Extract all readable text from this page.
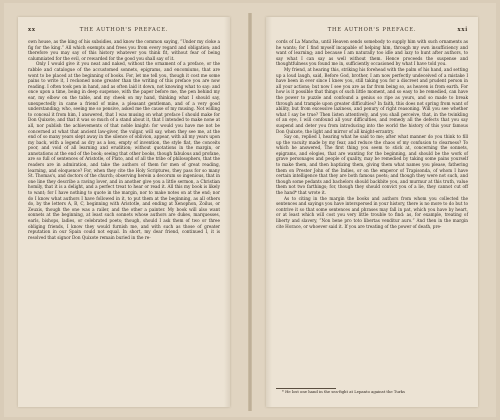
xx	THE AUTHOR'S PREFACE.

own house, as the king of his subsidies, and know the common saying, “Under my cloke a fig for the king.” All which exempts and frees you from every regard and obligation; and therefore you may say of this history whatever you think fit, without fear of being calumniated for the evil, or rewarded for the good you shall say of it.

Only I would give it you neat and naked, without the ornament of a preface, or the rabble and catalogue of the accustomed sonnets, epigrams, and encomiums, that are wont to be placed at the beginning of books. For, let me tell you, though it cost me some pains to write it, I reckoned none greater than the writing of this preface you are now reading. I often took pen in hand, and as often laid it down, not knowing what to say: and once upon a time, being in deep suspense, with the paper before me, the pen behind my ear, my elbow on the table, and my cheek on my hand, thinking what I should say, unexpectedly in came a friend of mine, a pleasant gentleman, and of a very good understanding; who, seeing me so pensive, asked me the cause of my musing. Not willing to conceal it from him, I answered, that I was musing on what preface I should make for Don Quixote, and that it was so much of a stand about it, that I intended to make none at all, nor publish the achievements of that noble knight: for would you have me not be concerned at what that ancient law-giver, the vulgar, will say, when they see me, at the end of so many years slept away in the silence of oblivion, appear, with all my years upon my back, with a legend as dry as a kex, empty of invention, the style flat, the conceits poor, and void of all learning and erudition; without quotations in the margin, or annotations at the end of the book; seeing that other books, though fabulous and profane, are so full of sentences of Aristotle, of Plato, and of all the tribe of philosophers, that the readers are in admiration, and take the authors of them for men of great reading, learning, and eloquence? For, when they cite the Holy Scriptures, they pass for so many St. Thomas's, and doctors of the church; observing herein a decorum so ingenious, that in one line they describe a raving lover, and in another give you a little sermon, a Christian homily, that it is a delight, and a perfect treat to hear or read it. All this my book is likely to want; for I have nothing to quote in the margin, nor to make notes on at the end; nor do I know what authors I have followed in it, to put them at the beginning, as all others do, by the letters A, B, C, beginning with Aristotle, and ending at Xenophon, Zoilus, or Zeuxis, though the one was a railer, and the other a painter. My book will also want sonnets at the beginning, at least such sonnets whose authors are dukes, marquesses, earls, bishops, ladies, or celebrated poets; though, should I ask them of two or three obliging friends, I know they would furnish me, and with such as those of greater reputation in our Spain could not equal. In short, my dear friend, continued I, it is resolved that signor Don Quixote remain buried in the re-

THE AUTHOR'S PREFACE.	xxi

cords of La Mancha, until Heaven sends somebody to supply him with such ornaments as he wants; for I find myself incapable of helping him, through my own insufficiency and want of learning; and because I am naturally too idle and lazy to hunt after authors, to say what I can say as well without them. Hence proceeds the suspense and thoughtfulness you found me in, sufficiently occasioned by what I have told you.

My friend, at hearing this, striking his forehead with the palm of his hand, and setting up a loud laugh, said, Before God, brother, I am now perfectly undeceived of a mistake I have been in ever since I knew you, still taking you for a discreet and prudent person in all your actions; but now I see you are as far from being so, as heaven is from earth. For how is it possible that things of such little moment, and so easy to be remedied, can have the power to puzzle and confound a genius so ripe as yours, and so made to break through and trample upon greater difficulties? In faith, this does not spring from want of ability, but from excessive laziness, and penury of right reasoning. Will you see whether what I say be true? Then listen attentively, and you shall perceive, that, in the twinkling of an eye, I will confound all your difficulties, and remedy all the defects that you say suspend and deter you from introducing into the world the history of this your famous Don Quixote, the light and mirror of all knight-errantry.

Say on, replied I, hearing what he said to me; after what manner do you think to fill up the vacuity made by my fear, and reduce the chaos of my confusion to clearness? To which he answered, The first thing you seem to stick at, concerning the sonnets, epigrams, and elogies, that are wanting for the beginning, and should be the work of grave personages and people of quality, may be remedied by taking some pains yourself to make them, and then baptizing them, giving them what names you please, fathering them on Prester John of the Indies, or on the emperor of Trapisonda, of whom I have certain intelligence that they are both famous poets; and though they were not such, and though some pedants and bachelors should backbite you, and murmur at this truth, value them not two farthings; for, though they should convict you of a lie, they cannot cut off the hand* that wrote it.

As to citing in the margin the books and authors from whom you collected the sentences and sayings you have interspersed in your history, there is no more to do but to contrive it so that some sentences and phrases may fall in pat, which you have by heart, or at least which will cost you very little trouble to find: as, for example, treating of liberty and slavery, “Non bene pro toto libertas venditur auro.” And then in the margin cite Horace, or whoever said it. If you are treating of the power of death, pre-

* He lost one hand in the sea-fight at Lepanto against the Turks
